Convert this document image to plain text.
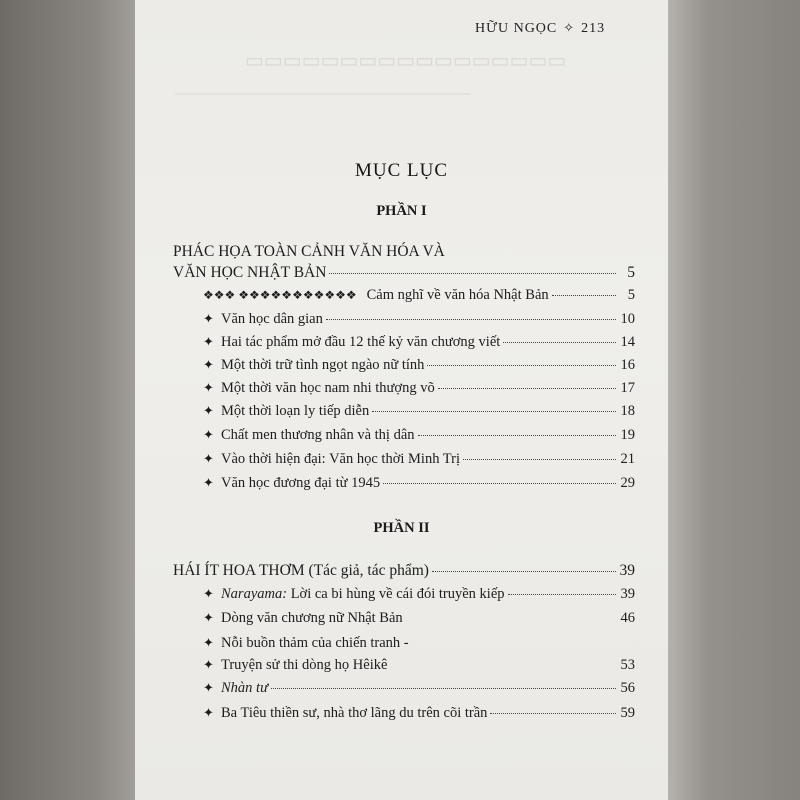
▭▭▭▭▭▭▭▭▭▭▭▭▭▭▭▭▭
────────────────────────────────
HỮU NGỌC ✧ 213
MỤC LỤC
PHẦN I
PHÁC HỌA TOÀN CẢNH VĂN HÓA VÀ
VĂN HỌC NHẬT BẢN	5
❖❖❖ ❖❖❖❖❖❖❖❖❖❖❖ Cảm nghĩ về văn hóa Nhật Bản	5
✦ Văn học dân gian	10
✦ Hai tác phẩm mở đầu 12 thế kỷ văn chương viết	14
✦ Một thời trữ tình ngọt ngào nữ tính	16
✦ Một thời văn học nam nhi thượng võ	17
✦ Một thời loạn ly tiếp diễn	18
✦ Chất men thương nhân và thị dân	19
✦ Vào thời hiện đại: Văn học thời Minh Trị	21
✦ Văn học đương đại từ 1945	29
PHẦN II
HÁI ÍT HOA THƠM (Tác giả, tác phẩm)	39
✦ Narayama: Lời ca bi hùng về cái đói truyền kiếp	39
✦ Dòng văn chương nữ Nhật Bản	46
✦ Nỗi buồn thảm của chiến tranh -
✦ Truyện sử thi dòng họ Hêikê	53
✦ Nhàn tư	56
✦ Ba Tiêu thiền sư, nhà thơ lãng du trên cõi trần	59
